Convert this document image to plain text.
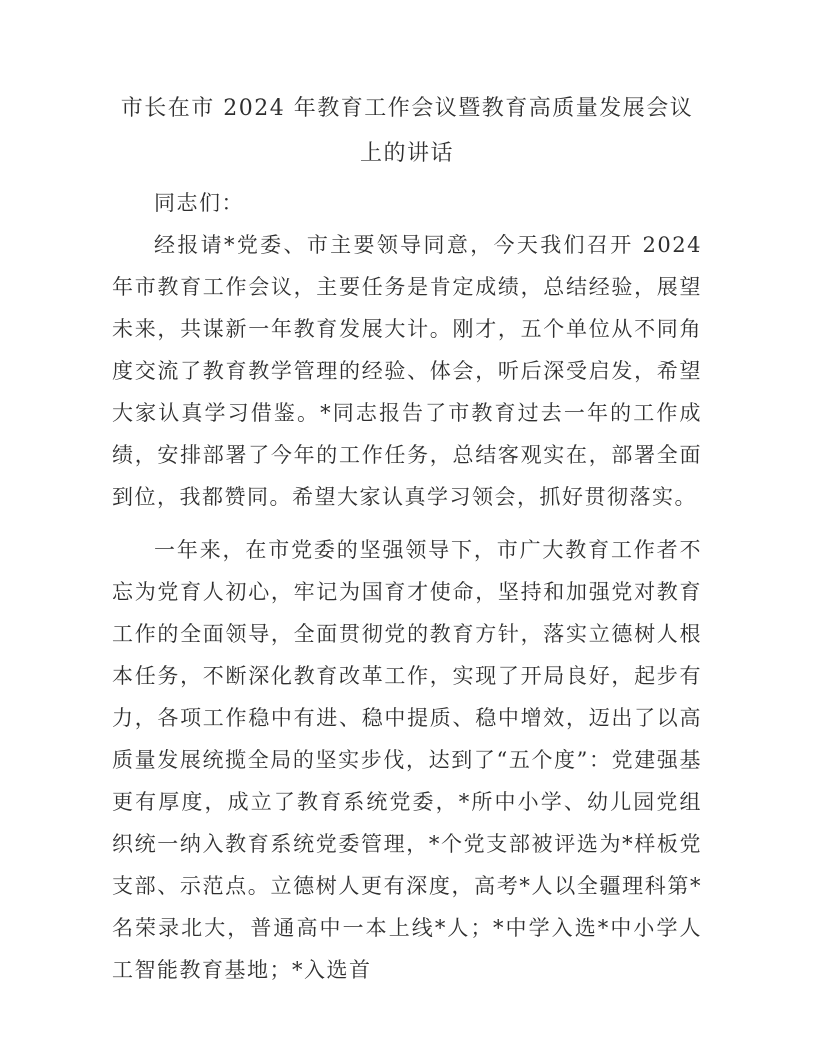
市长在市 2024 年教育工作会议暨教育高质量发展会议上的讲话

同志们：

经报请*党委、市主要领导同意，今天我们召开 2024 年市教育工作会议，主要任务是肯定成绩，总结经验，展望未来，共谋新一年教育发展大计。刚才，五个单位从不同角度交流了教育教学管理的经验、体会，听后深受启发，希望大家认真学习借鉴。*同志报告了市教育过去一年的工作成绩，安排部署了今年的工作任务，总结客观实在，部署全面到位，我都赞同。希望大家认真学习领会，抓好贯彻落实。

一年来，在市党委的坚强领导下，市广大教育工作者不忘为党育人初心，牢记为国育才使命，坚持和加强党对教育工作的全面领导，全面贯彻党的教育方针，落实立德树人根本任务，不断深化教育改革工作，实现了开局良好，起步有力，各项工作稳中有进、稳中提质、稳中增效，迈出了以高质量发展统揽全局的坚实步伐，达到了“五个度”：党建强基更有厚度，成立了教育系统党委，*所中小学、幼儿园党组织统一纳入教育系统党委管理，*个党支部被评选为*样板党支部、示范点。立德树人更有深度，高考*人以全疆理科第*名荣录北大，普通高中一本上线*人；*中学入选*中小学人工智能教育基地；*入选首
